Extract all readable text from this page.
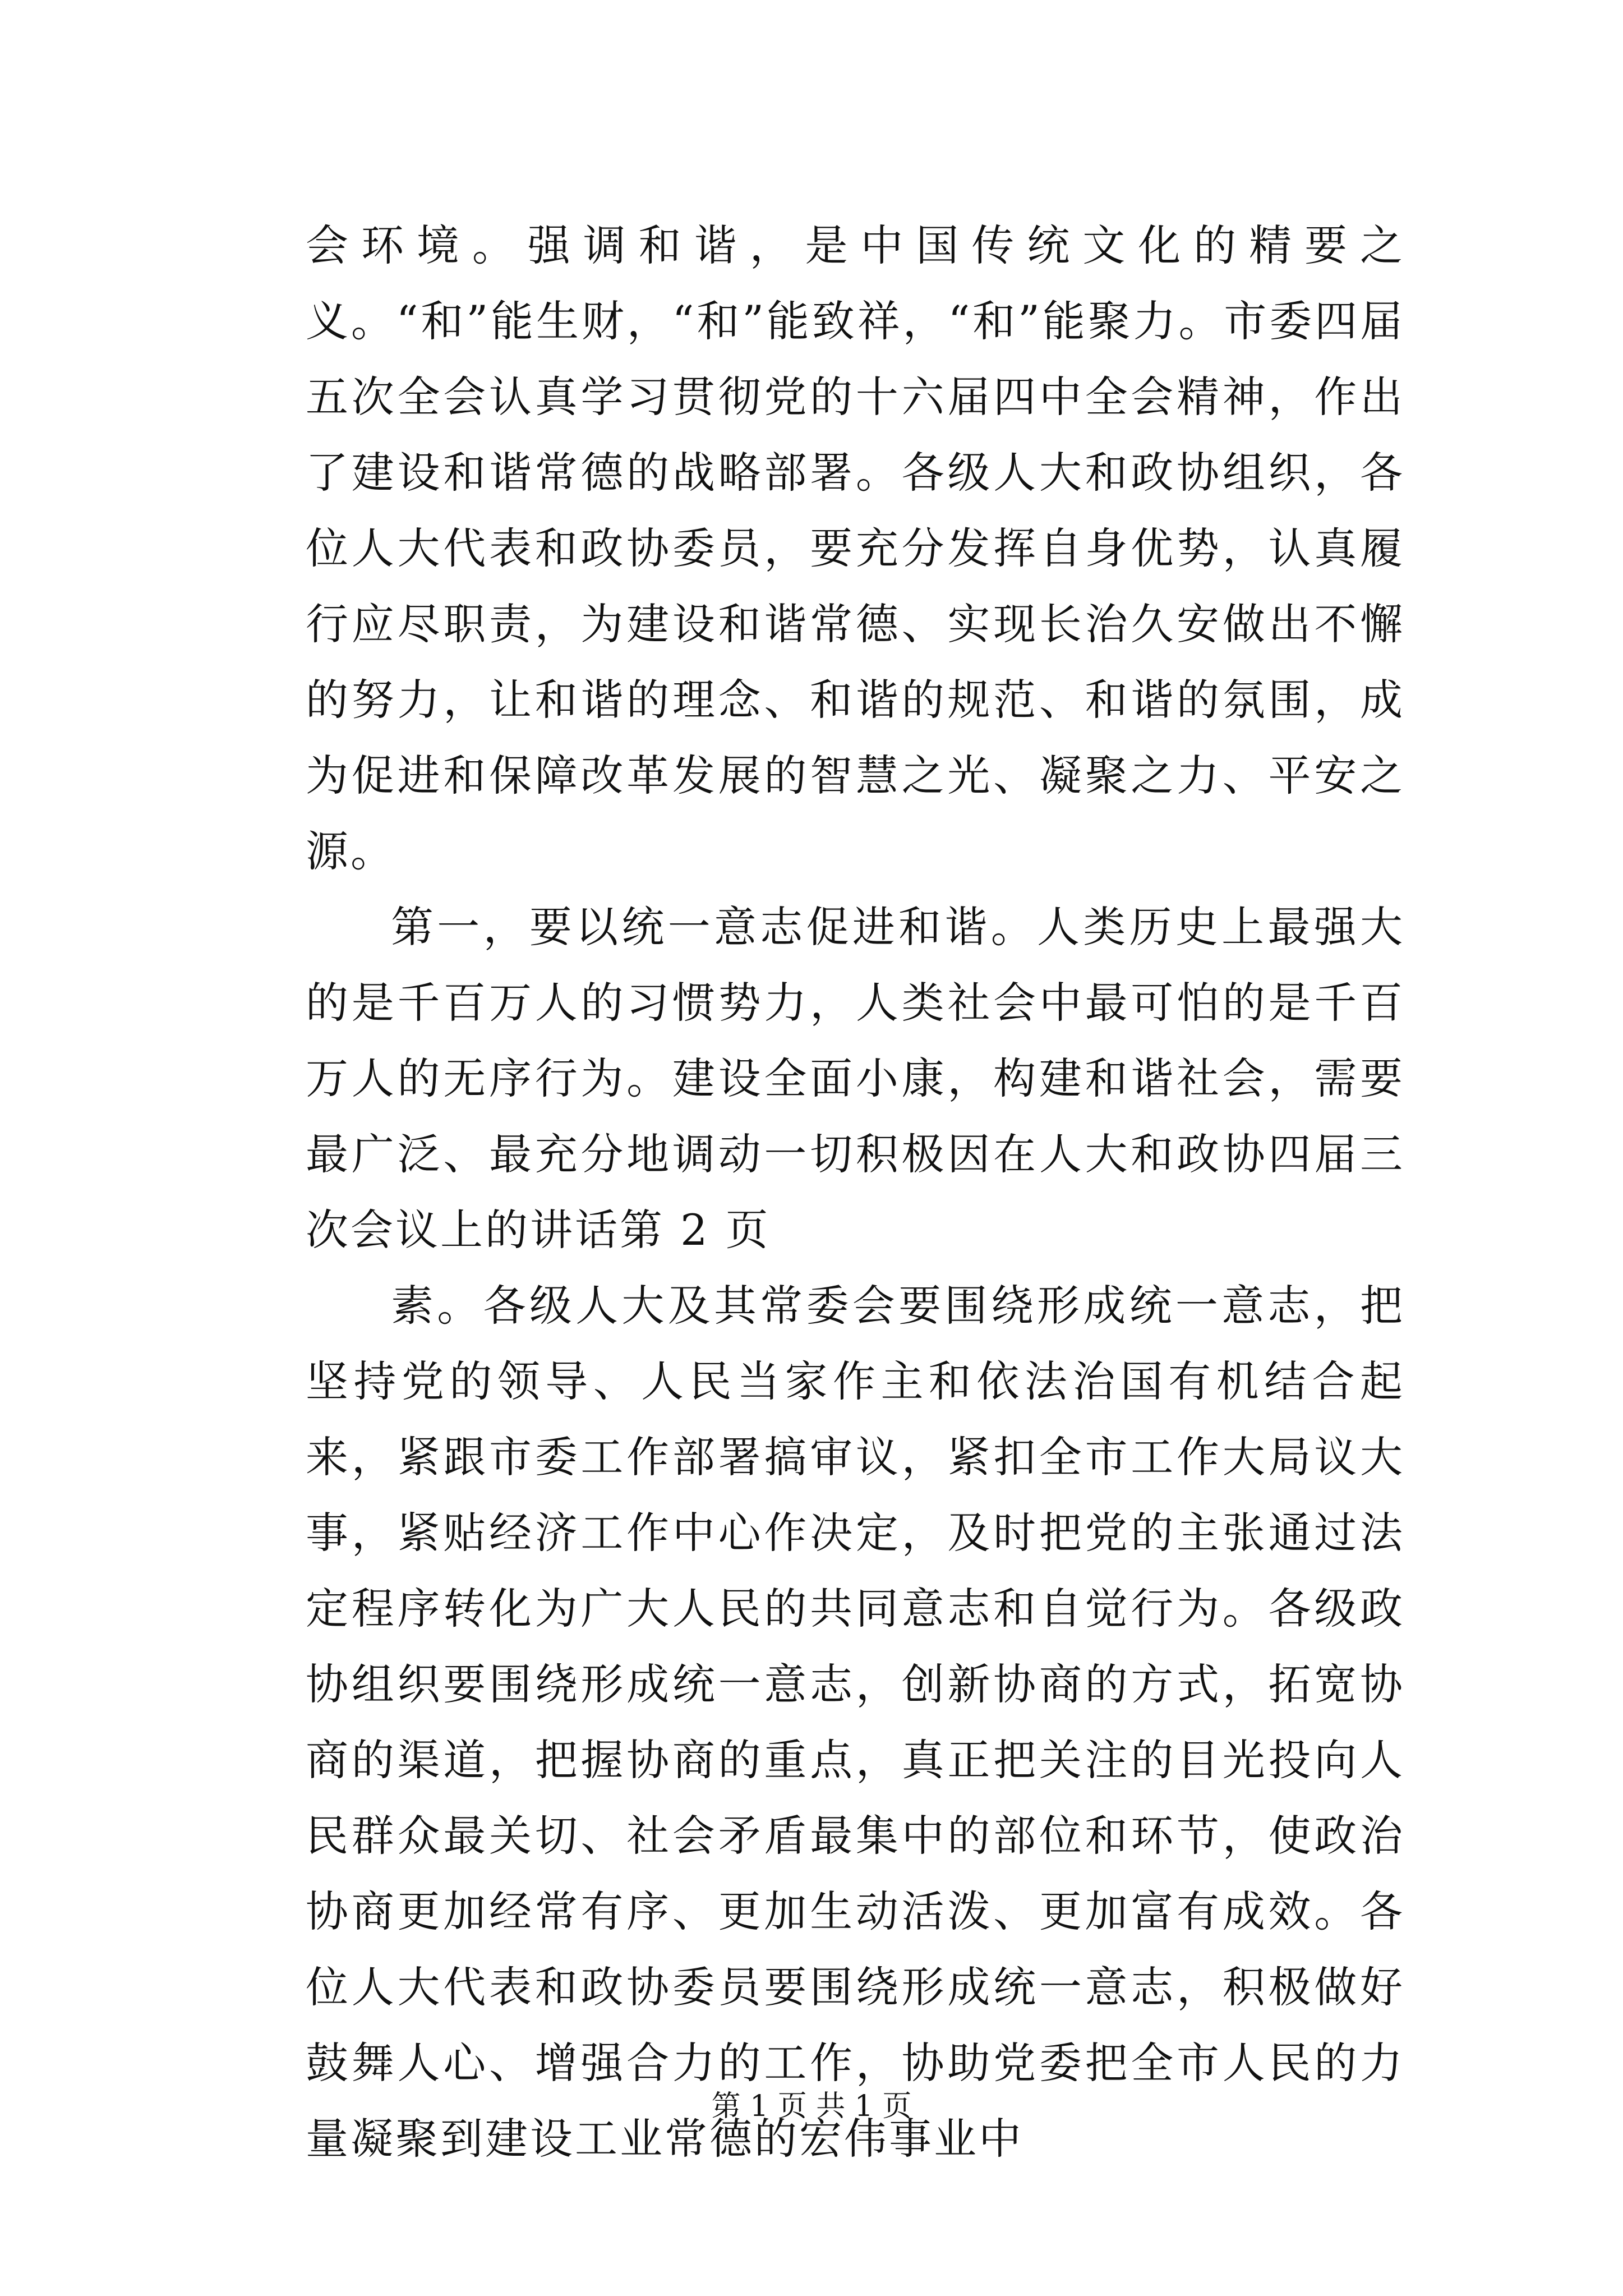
会环境。强调和谐，是中国传统文化的精要之义。“和”能生财，“和”能致祥，“和”能聚力。市委四届五次全会认真学习贯彻党的十六届四中全会精神，作出了建设和谐常德的战略部署。各级人大和政协组织，各位人大代表和政协委员，要充分发挥自身优势，认真履行应尽职责，为建设和谐常德、实现长治久安做出不懈的努力，让和谐的理念、和谐的规范、和谐的氛围，成为促进和保障改革发展的智慧之光、凝聚之力、平安之源。

第一，要以统一意志促进和谐。人类历史上最强大的是千百万人的习惯势力，人类社会中最可怕的是千百万人的无序行为。建设全面小康，构建和谐社会，需要最广泛、最充分地调动一切积极因在人大和政协四届三次会议上的讲话第 2 页

素。各级人大及其常委会要围绕形成统一意志，把坚持党的领导、人民当家作主和依法治国有机结合起来，紧跟市委工作部署搞审议，紧扣全市工作大局议大事，紧贴经济工作中心作决定，及时把党的主张通过法定程序转化为广大人民的共同意志和自觉行为。各级政协组织要围绕形成统一意志，创新协商的方式，拓宽协商的渠道，把握协商的重点，真正把关注的目光投向人民群众最关切、社会矛盾最集中的部位和环节，使政治协商更加经常有序、更加生动活泼、更加富有成效。各位人大代表和政协委员要围绕形成统一意志，积极做好鼓舞人心、增强合力的工作，协助党委把全市人民的力量凝聚到建设工业常德的宏伟事业中

第 1 页 共 1 页
